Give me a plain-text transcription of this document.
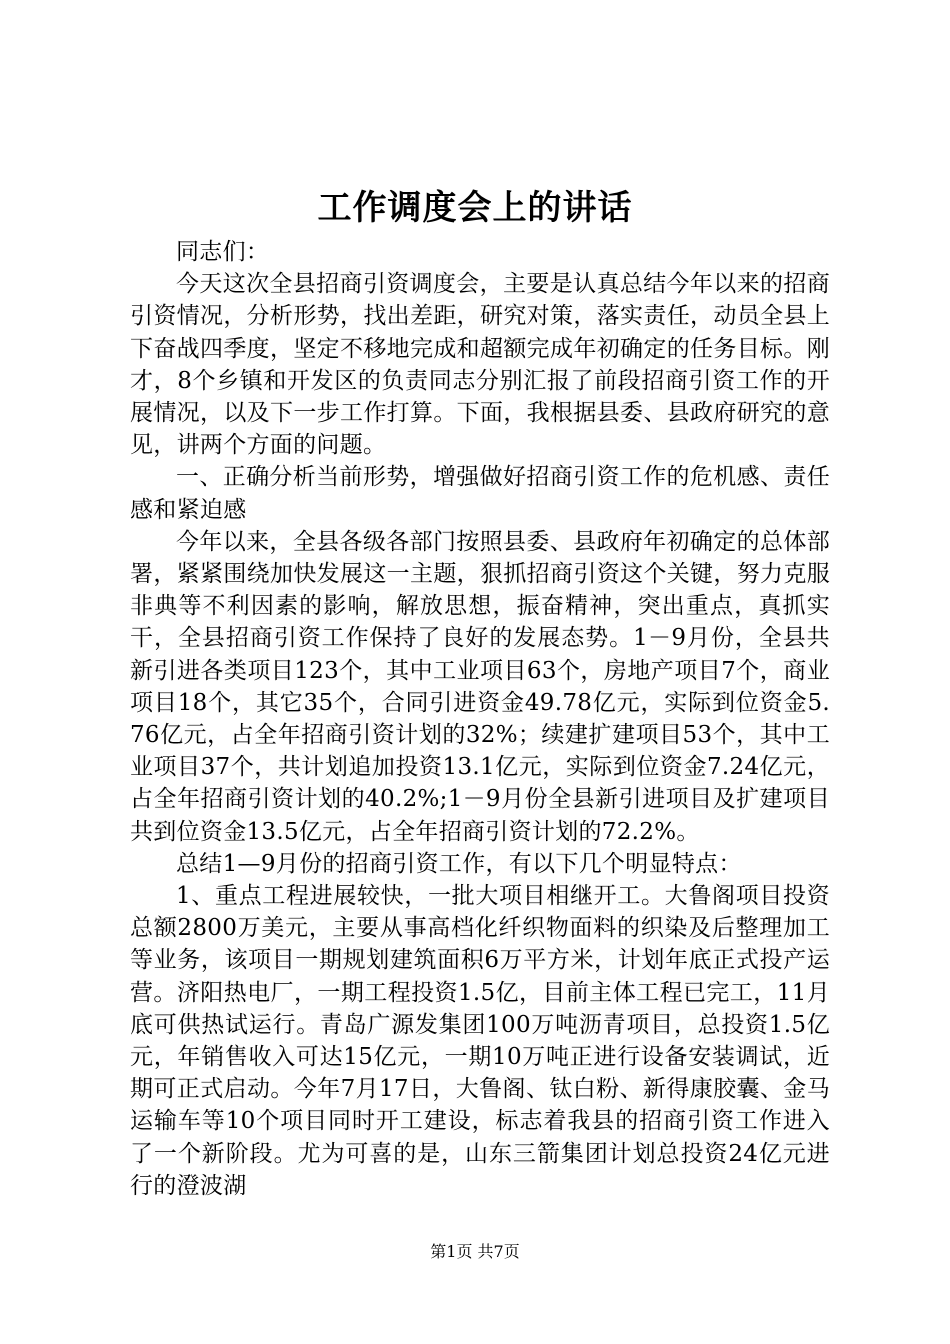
工作调度会上的讲话

同志们：

今天这次全县招商引资调度会，主要是认真总结今年以来的招商引资情况，分析形势，找出差距，研究对策，落实责任，动员全县上下奋战四季度，坚定不移地完成和超额完成年初确定的任务目标。刚才，8个乡镇和开发区的负责同志分别汇报了前段招商引资工作的开展情况，以及下一步工作打算。下面，我根据县委、县政府研究的意见，讲两个方面的问题。

一、正确分析当前形势，增强做好招商引资工作的危机感、责任感和紧迫感

今年以来，全县各级各部门按照县委、县政府年初确定的总体部署，紧紧围绕加快发展这一主题，狠抓招商引资这个关键，努力克服非典等不利因素的影响，解放思想，振奋精神，突出重点，真抓实干，全县招商引资工作保持了良好的发展态势。1－9月份，全县共新引进各类项目123个，其中工业项目63个，房地产项目7个，商业项目18个，其它35个，合同引进资金49.78亿元，实际到位资金5.76亿元，占全年招商引资计划的32%；续建扩建项目53个，其中工业项目37个，共计划追加投资13.1亿元，实际到位资金7.24亿元，占全年招商引资计划的40.2%;1－9月份全县新引进项目及扩建项目共到位资金13.5亿元，占全年招商引资计划的72.2%。

总结1—9月份的招商引资工作，有以下几个明显特点：

1、重点工程进展较快，一批大项目相继开工。大鲁阁项目投资总额2800万美元，主要从事高档化纤织物面料的织染及后整理加工等业务，该项目一期规划建筑面积6万平方米，计划年底正式投产运营。济阳热电厂，一期工程投资1.5亿，目前主体工程已完工，11月底可供热试运行。青岛广源发集团100万吨沥青项目，总投资1.5亿元，年销售收入可达15亿元，一期10万吨正进行设备安装调试，近期可正式启动。今年7月17日，大鲁阁、钛白粉、新得康胶囊、金马运输车等10个项目同时开工建设，标志着我县的招商引资工作进入了一个新阶段。尤为可喜的是，山东三箭集团计划总投资24亿元进行的澄波湖

第1页 共7页
